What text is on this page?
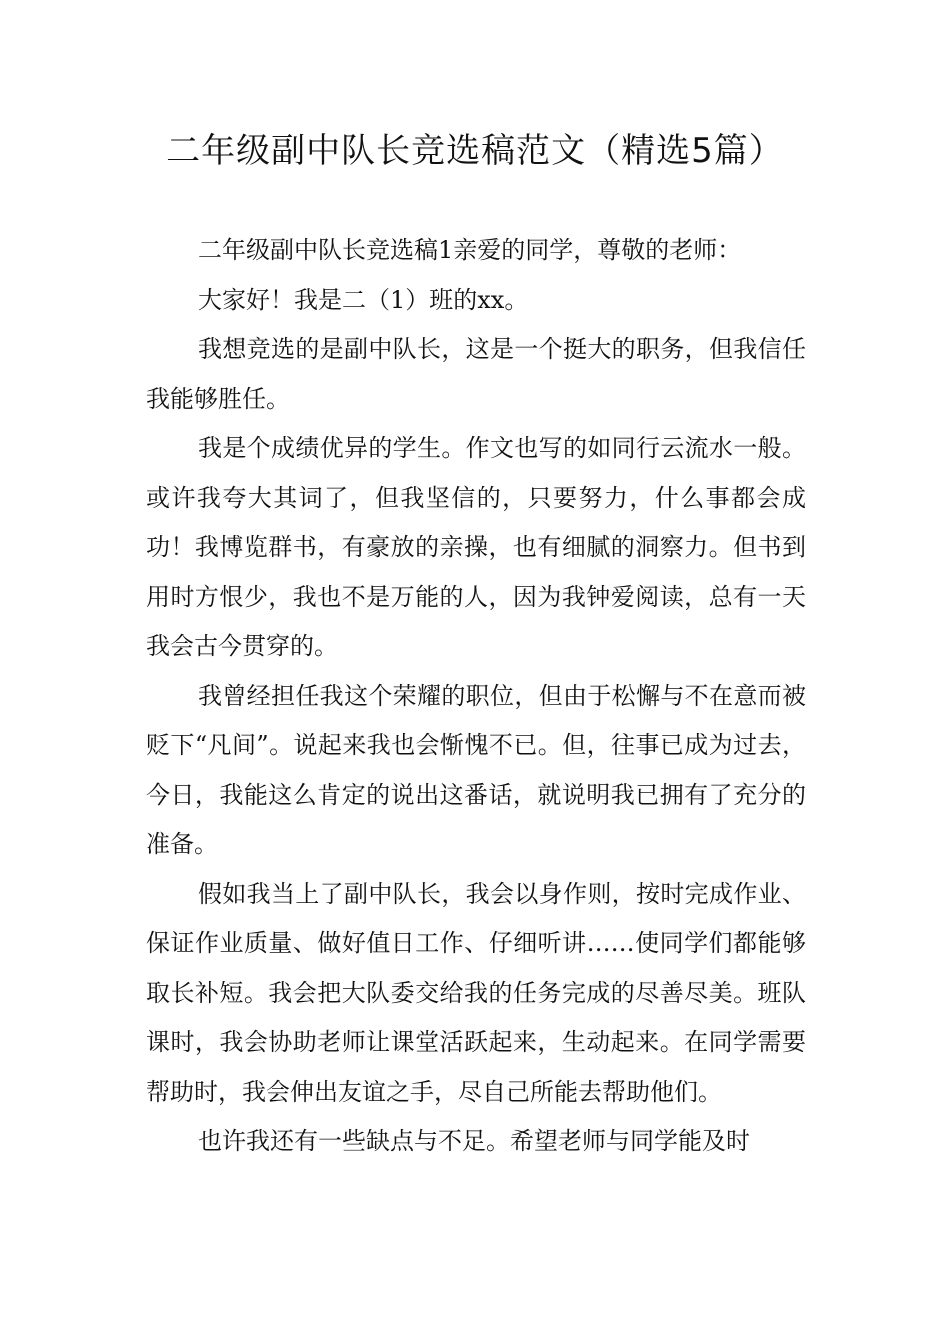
二年级副中队长竞选稿范文（精选5篇）

二年级副中队长竞选稿1亲爱的同学，尊敬的老师：

大家好！我是二（1）班的xx。

我想竞选的是副中队长，这是一个挺大的职务，但我信任我能够胜任。

我是个成绩优异的学生。作文也写的如同行云流水一般。或许我夸大其词了，但我坚信的，只要努力，什么事都会成功！我博览群书，有豪放的亲操，也有细腻的洞察力。但书到用时方恨少，我也不是万能的人，因为我钟爱阅读，总有一天我会古今贯穿的。

我曾经担任我这个荣耀的职位，但由于松懈与不在意而被贬下“凡间”。说起来我也会惭愧不已。但，往事已成为过去，今日，我能这么肯定的说出这番话，就说明我已拥有了充分的准备。

假如我当上了副中队长，我会以身作则，按时完成作业、保证作业质量、做好值日工作、仔细听讲……使同学们都能够取长补短。我会把大队委交给我的任务完成的尽善尽美。班队课时，我会协助老师让课堂活跃起来，生动起来。在同学需要帮助时，我会伸出友谊之手，尽自己所能去帮助他们。

也许我还有一些缺点与不足。希望老师与同学能及时
